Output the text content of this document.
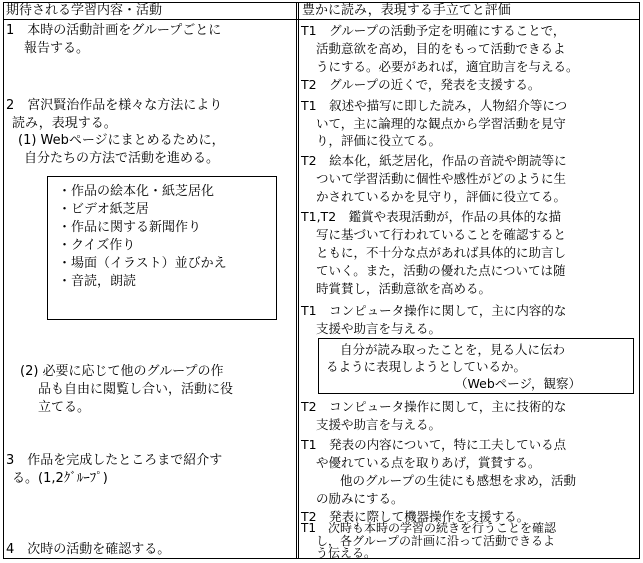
期待される学習内容・活動	豊かに読み，表現する手立てと評価
1　本時の活動計画をグループごとに
報告する。
2　宮沢賢治作品を様々な方法により
読み，表現する。
(1) Webページにまとめるために，
自分たちの方法で活動を進める。
・作品の絵本化・紙芝居化
・ビデオ紙芝居
・作品に関する新聞作り
・クイズ作り
・場面（イラスト）並びかえ
・音読，朗読
(2) 必要に応じて他のグループの作
品も自由に閲覧し合い，活動に役
立てる。
3　作品を完成したところまで紹介す
る。(1,2ｸﾞﾙｰﾌﾟ)
4　次時の活動を確認する。
T1　グループの活動予定を明確にすることで，
活動意欲を高め，目的をもって活動できるよ
うにする。必要があれば，適宜助言を与える。
T2　グループの近くで，発表を支援する。
T1　叙述や描写に即した読み，人物紹介等につ
いて，主に論理的な観点から学習活動を見守
り，評価に役立てる。
T2　絵本化，紙芝居化，作品の音読や朗読等に
ついて学習活動に個性や感性がどのように生
かされているかを見守り，評価に役立てる。
T1,T2　鑑賞や表現活動が，作品の具体的な描
写に基づいて行われていることを確認すると
ともに，不十分な点があれば具体的に助言し
ていく。また，活動の優れた点については随
時賞賛し，活動意欲を高める。
T1　コンピュータ操作に関して，主に内容的な
支援や助言を与える。
自分が読み取ったことを，見る人に伝わ
るように表現しようとしているか。
（Webページ，観察）
T2　コンピュータ操作に関して，主に技術的な
支援や助言を与える。
T1　発表の内容について，特に工夫している点
や優れている点を取りあげ，賞賛する。
他のグループの生徒にも感想を求め，活動
の励みにする。
T2　発表に際して機器操作を支援する。
T1　次時も本時の学習の続きを行うことを確認
し，各グループの計画に沿って活動できるよ
う伝える。
